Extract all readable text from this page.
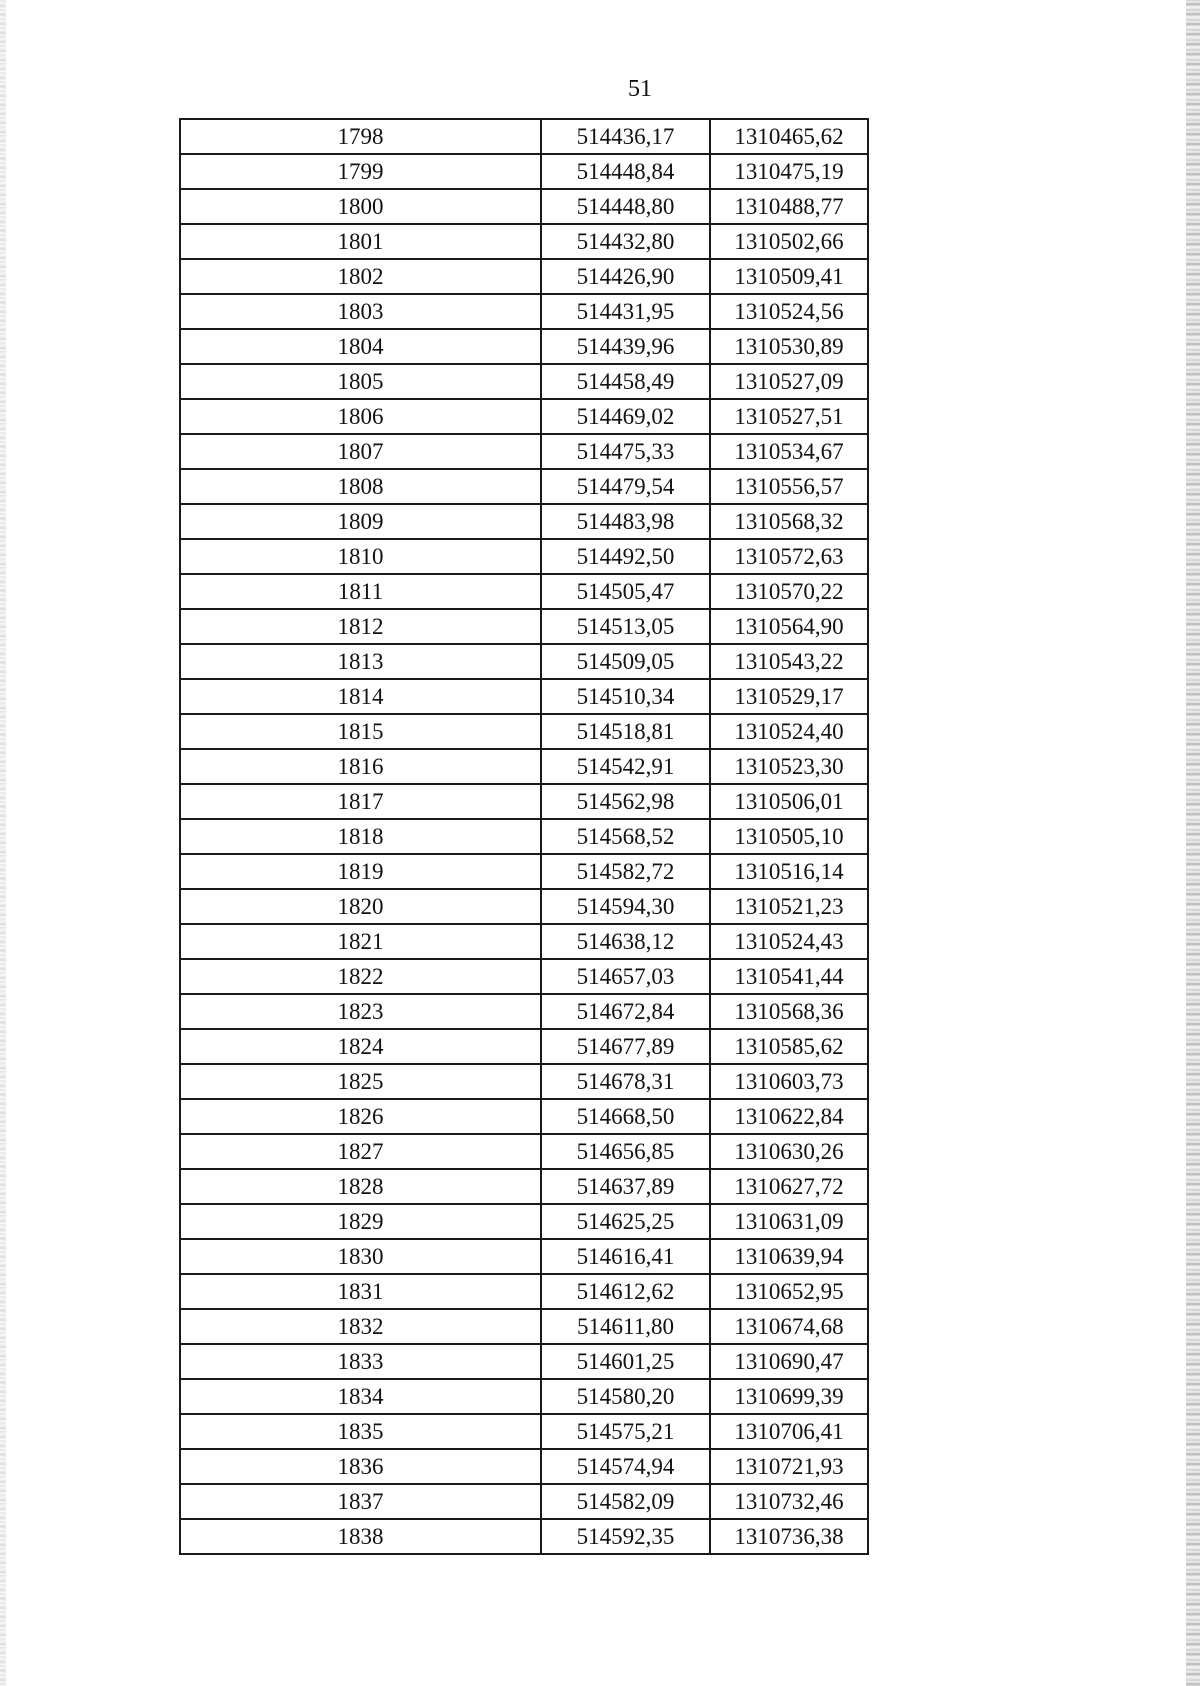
51
1798	514436,17	1310465,62
1799	514448,84	1310475,19
1800	514448,80	1310488,77
1801	514432,80	1310502,66
1802	514426,90	1310509,41
1803	514431,95	1310524,56
1804	514439,96	1310530,89
1805	514458,49	1310527,09
1806	514469,02	1310527,51
1807	514475,33	1310534,67
1808	514479,54	1310556,57
1809	514483,98	1310568,32
1810	514492,50	1310572,63
1811	514505,47	1310570,22
1812	514513,05	1310564,90
1813	514509,05	1310543,22
1814	514510,34	1310529,17
1815	514518,81	1310524,40
1816	514542,91	1310523,30
1817	514562,98	1310506,01
1818	514568,52	1310505,10
1819	514582,72	1310516,14
1820	514594,30	1310521,23
1821	514638,12	1310524,43
1822	514657,03	1310541,44
1823	514672,84	1310568,36
1824	514677,89	1310585,62
1825	514678,31	1310603,73
1826	514668,50	1310622,84
1827	514656,85	1310630,26
1828	514637,89	1310627,72
1829	514625,25	1310631,09
1830	514616,41	1310639,94
1831	514612,62	1310652,95
1832	514611,80	1310674,68
1833	514601,25	1310690,47
1834	514580,20	1310699,39
1835	514575,21	1310706,41
1836	514574,94	1310721,93
1837	514582,09	1310732,46
1838	514592,35	1310736,38
